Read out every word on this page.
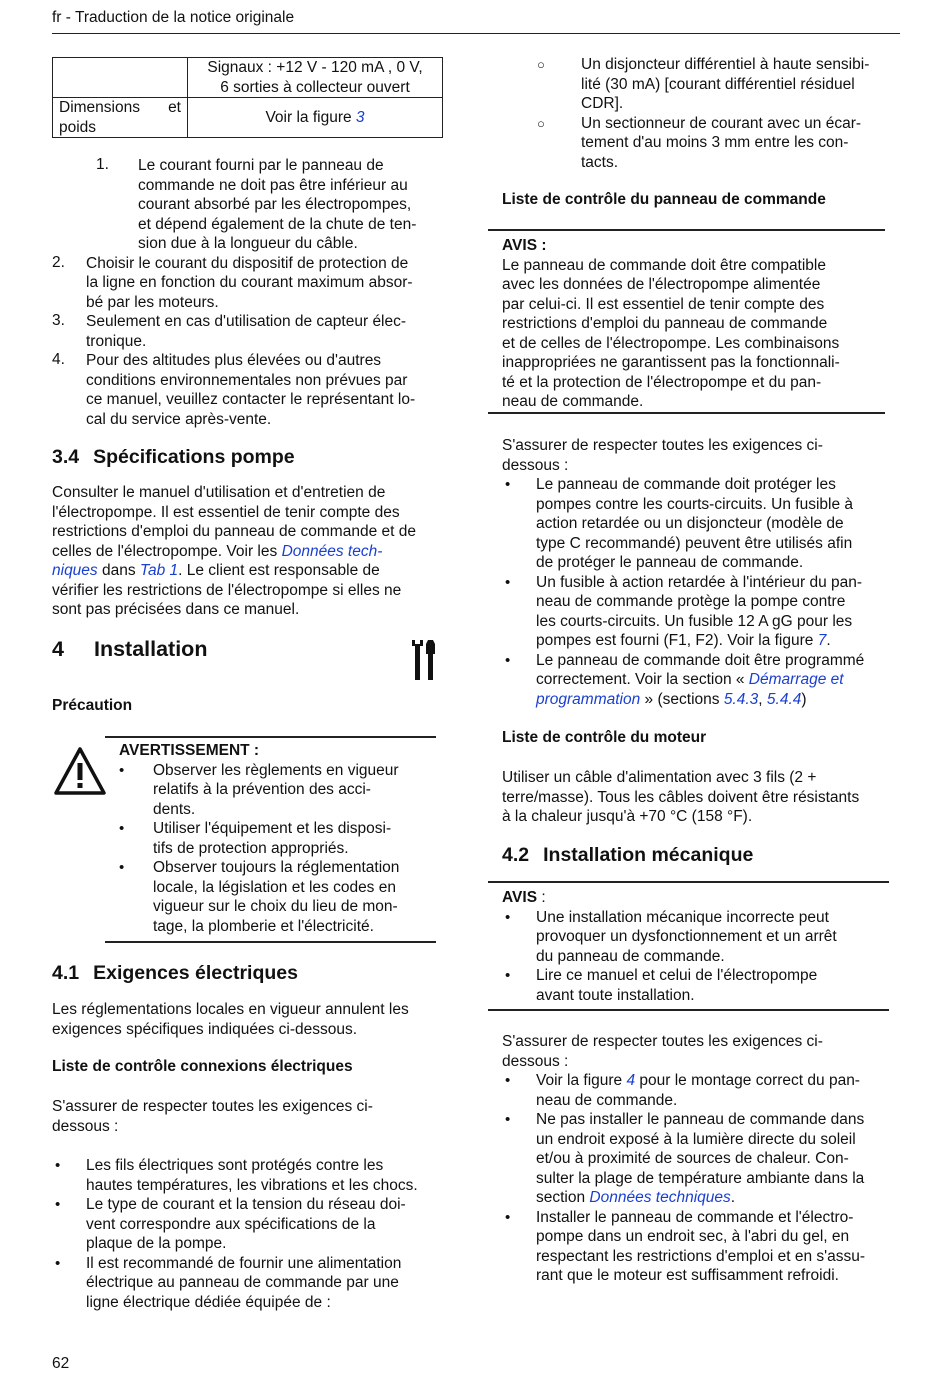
fr - Traduction de la notice originale

	Signaux : +12 V - 120 mA , 0 V,
6 sorties à collecteur ouvert

Dimensions et
poids	Voir la figure 3
1. Le courant fourni par le panneau de

commande ne doit pas être inférieur au

courant absorbé par les électropompes,

et dépend également de la chute de ten-

sion due à la longueur du câble.

2. Choisir le courant du dispositif de protection de

la ligne en fonction du courant maximum absor-

bé par les moteurs.

3. Seulement en cas d'utilisation de capteur élec-

tronique.

4. Pour des altitudes plus élevées ou d'autres

conditions environnementales non prévues par

ce manuel, veuillez contacter le représentant lo-

cal du service après-vente.

3.4 Spécifications pompe

Consulter le manuel d'utilisation et d'entretien de

l'électropompe. Il est essentiel de tenir compte des

restrictions d'emploi du panneau de commande et de

celles de l'électropompe. Voir les Données tech-

niques dans Tab 1. Le client est responsable de

vérifier les restrictions de l'électropompe si elles ne

sont pas précisées dans ce manuel.

4 Installation
Précaution

AVERTISSEMENT :

• Observer les règlements en vigueur

relatifs à la prévention des acci-

dents.

• Utiliser l'équipement et les disposi-

tifs de protection appropriés.

• Observer toujours la réglementation

locale, la législation et les codes en

vigueur sur le choix du lieu de mon-

tage, la plomberie et l'électricité.

4.1 Exigences électriques

Les réglementations locales en vigueur annulent les

exigences spécifiques indiquées ci-dessous.

Liste de contrôle connexions électriques

S'assurer de respecter toutes les exigences ci-

dessous :

• Les fils électriques sont protégés contre les

hautes températures, les vibrations et les chocs.

• Le type de courant et la tension du réseau doi-

vent correspondre aux spécifications de la

plaque de la pompe.

• Il est recommandé de fournir une alimentation

électrique au panneau de commande par une

ligne électrique dédiée équipée de :

○ Un disjoncteur différentiel à haute sensibi-

lité (30 mA) [courant différentiel résiduel

CDR].

○ Un sectionneur de courant avec un écar-

tement d'au moins 3 mm entre les con-

tacts.

Liste de contrôle du panneau de commande

AVIS :

Le panneau de commande doit être compatible

avec les données de l'électropompe alimentée

par celui-ci. Il est essentiel de tenir compte des

restrictions d'emploi du panneau de commande

et de celles de l'électropompe. Les combinaisons

inappropriées ne garantissent pas la fonctionnali-

té et la protection de l'électropompe et du pan-

neau de commande.

S'assurer de respecter toutes les exigences ci-

dessous :

• Le panneau de commande doit protéger les

pompes contre les courts-circuits. Un fusible à

action retardée ou un disjoncteur (modèle de

type C recommandé) peuvent être utilisés afin

de protéger le panneau de commande.

• Un fusible à action retardée à l'intérieur du pan-

neau de commande protège la pompe contre

les courts-circuits. Un fusible 12 A gG pour les

pompes est fourni (F1, F2). Voir la figure 7.

• Le panneau de commande doit être programmé

correctement. Voir la section « Démarrage et

programmation » (sections 5.4.3, 5.4.4)

Liste de contrôle du moteur

Utiliser un câble d'alimentation avec 3 fils (2 +

terre/masse). Tous les câbles doivent être résistants

à la chaleur jusqu'à +70 °C (158 °F).

4.2 Installation mécanique

AVIS :

• Une installation mécanique incorrecte peut

provoquer un dysfonctionnement et un arrêt

du panneau de commande.

• Lire ce manuel et celui de l'électropompe

avant toute installation.

S'assurer de respecter toutes les exigences ci-

dessous :

• Voir la figure 4 pour le montage correct du pan-

neau de commande.

• Ne pas installer le panneau de commande dans

un endroit exposé à la lumière directe du soleil

et/ou à proximité de sources de chaleur. Con-

sulter la plage de température ambiante dans la

section Données techniques.

• Installer le panneau de commande et l'électro-

pompe dans un endroit sec, à l'abri du gel, en

respectant les restrictions d'emploi et en s'assu-

rant que le moteur est suffisamment refroidi.

62
